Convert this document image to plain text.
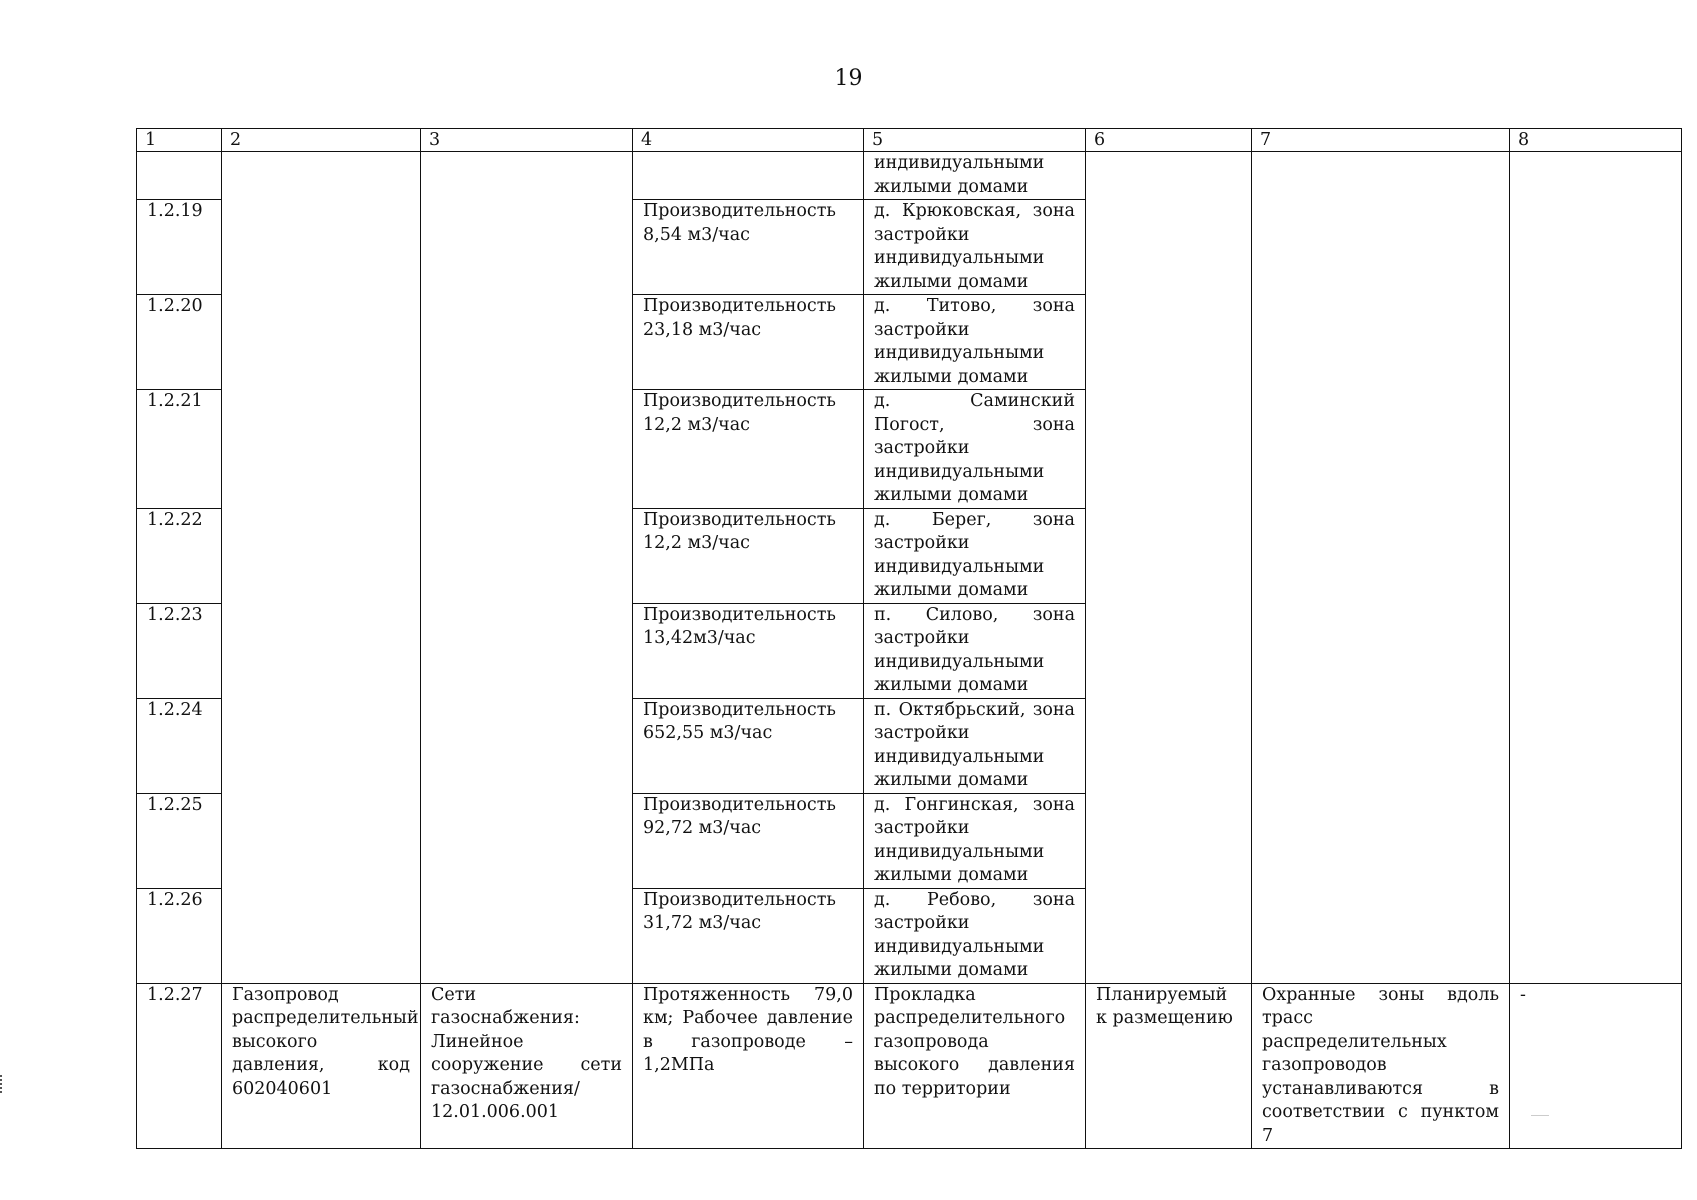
19
1	2	3	4	5	6	7	8
				индивидуальными жилыми домами			
1.2.19			Производительность 8,54 м3/час	д. Крюковская, зона застройки индивидуальными жилыми домами			
1.2.20			Производительность 23,18 м3/час	д. Титово, зона застройки индивидуальными жилыми домами			
1.2.21			Производительность 12,2 м3/час	д. Саминский Погост, зона застройки индивидуальными жилыми домами			
1.2.22			Производительность 12,2 м3/час	д. Берег, зона застройки индивидуальными жилыми домами			
1.2.23			Производительность 13,42м3/час	п. Силово, зона застройки индивидуальными жилыми домами			
1.2.24			Производительность 652,55 м3/час	п. Октябрьский, зона застройки индивидуальными жилыми домами			
1.2.25			Производительность 92,72 м3/час	д. Гонгинская, зона застройки индивидуальными жилыми домами			
1.2.26			Производительность 31,72 м3/час	д. Ребово, зона застройки индивидуальными жилыми домами			
1.2.27	Газопровод распределительный высокого давления, код 602040601	Сети газоснабжения: Линейное сооружение сети газоснабжения/ 12.01.006.001	Протяженность 79,0 км; Рабочее давление в газопроводе – 1,2МПа	Прокладка распределительного газопровода высокого давления по территории	Планируемый к размещению	Охранные зоны вдоль трасс распределительных газопроводов устанавливаются в соответствии с пунктом 7	-
